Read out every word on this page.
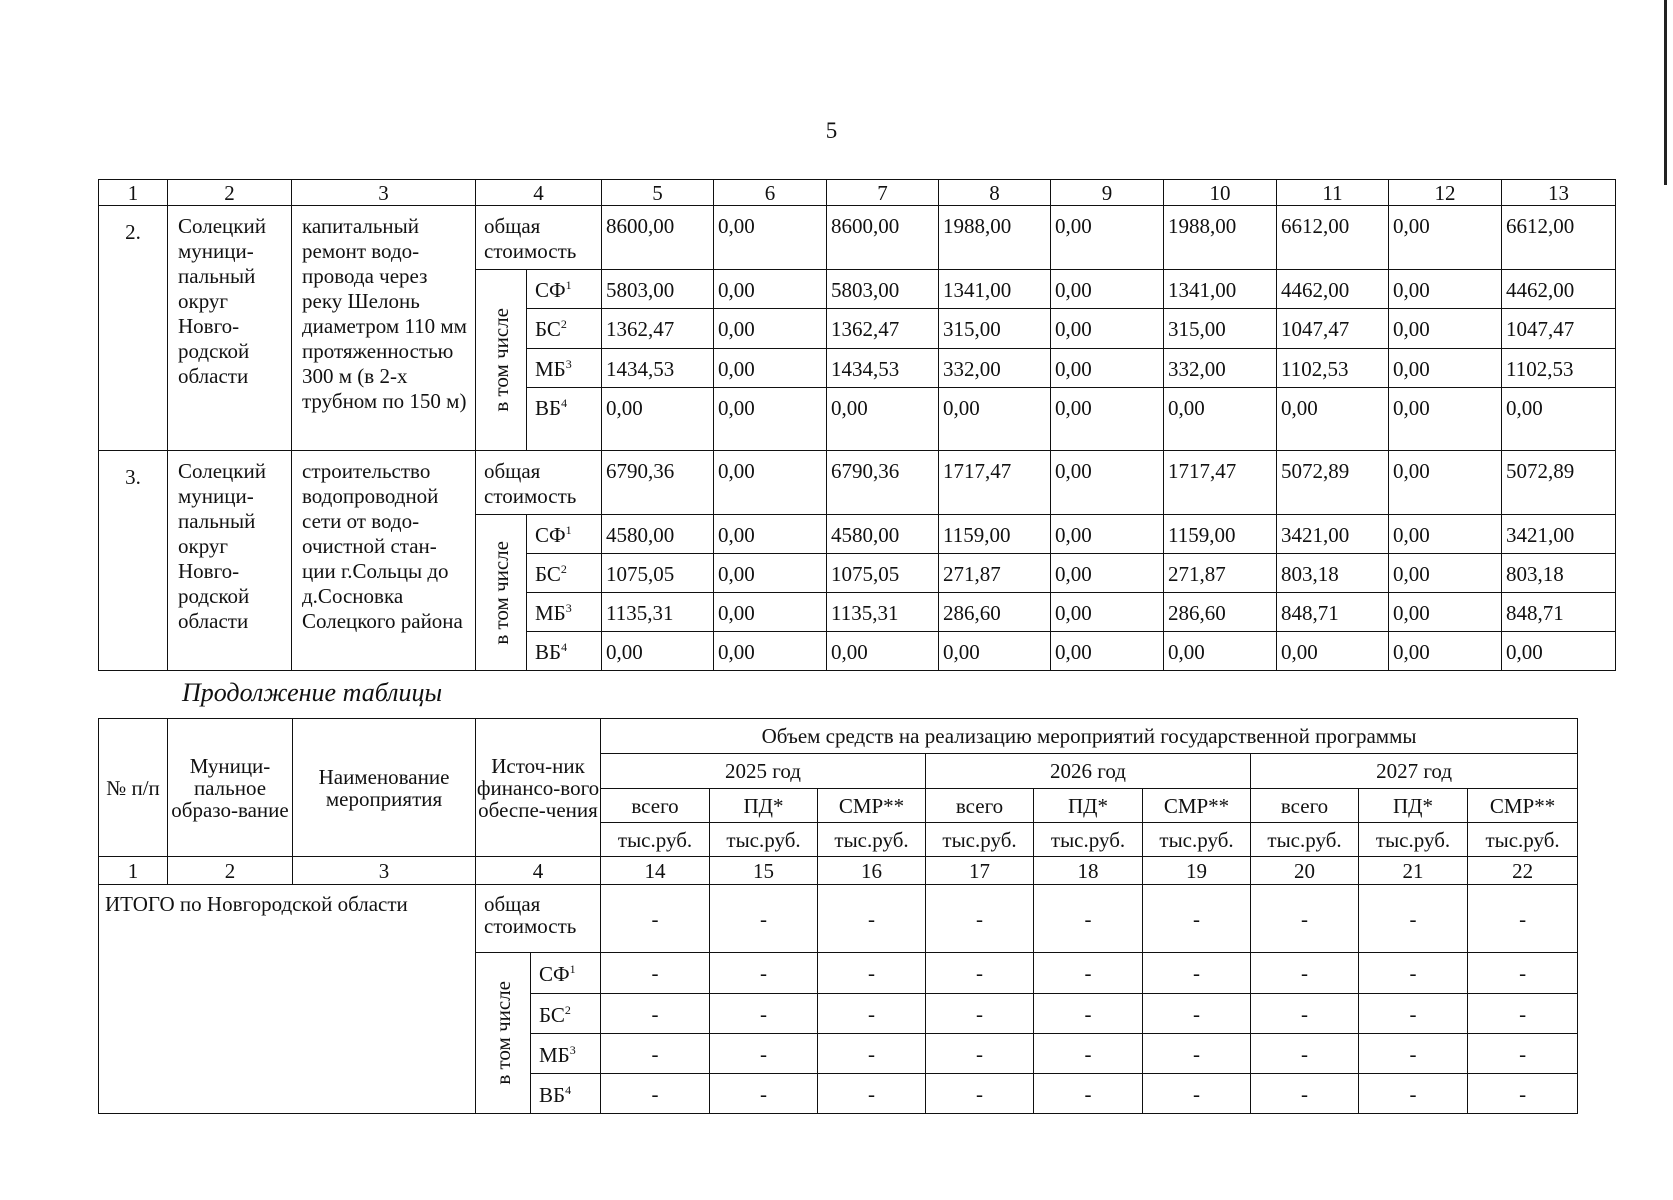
5
1	2	3	4		5	6	7	8	9	10	11	12	13
2.	Солецкий муници-пальный округ Новго-родской области	капитальный ремонт водо-провода через реку Шелонь диаметром 110 мм протяженностью 300 м (в 2-х трубном по 150 м)	общая стоимость		8600,00	0,00	8600,00	1988,00	0,00	1988,00	6612,00	0,00	6612,00

			в том числе	$СФ^1$	5803,00	0,00	5803,00	1341,00	0,00	1341,00	4462,00	0,00	4462,00
				$БС^2$	1362,47	0,00	1362,47	315,00	0,00	315,00	1047,47	0,00	1047,47
				$МБ^3$	1434,53	0,00	1434,53	332,00	0,00	332,00	1102,53	0,00	1102,53
				$ВБ^4$	0,00	0,00	0,00	0,00	0,00	0,00	0,00	0,00	0,00
3.	Солецкий муници-пальный округ Новго-родской области	строительство водопроводной сети от водо-очистной стан-ции г.Сольцы до д.Сосновка Солецкого района	общая стоимость		6790,36	0,00	6790,36	1717,47	0,00	1717,47	5072,89	0,00	5072,89

			в том числе	$СФ^1$	4580,00	0,00	4580,00	1159,00	0,00	1159,00	3421,00	0,00	3421,00
				$БС^2$	1075,05	0,00	1075,05	271,87	0,00	271,87	803,18	0,00	803,18
				$МБ^3$	1135,31	0,00	1135,31	286,60	0,00	286,60	848,71	0,00	848,71
				$ВБ^4$	0,00	0,00	0,00	0,00	0,00	0,00	0,00	0,00	0,00
Продолжение таблицы
№ п/п	Муници-пальное образо-вание	Наименование мероприятия	Источ-ник финансо-вого обеспе-чения		Объем средств на реализацию мероприятий государственной программы								
					2025 год			2026 год			2027 год		
					всего	ПД*	СМР**	всего	ПД*	СМР**	всего	ПД*	СМР**
					тыс.руб.	тыс.руб.	тыс.руб.	тыс.руб.	тыс.руб.	тыс.руб.	тыс.руб.	тыс.руб.	тыс.руб.
1	2	3	4		14	15	16	17	18	19	20	21	22
ИТОГО по Новгородской области			общая стоимость		-	-	-	-	-	-	-	-	-

			в том числе	$СФ^1$	-	-	-	-	-	-	-	-	-
				$БС^2$	-	-	-	-	-	-	-	-	-
				$МБ^3$	-	-	-	-	-	-	-	-	-
				$ВБ^4$	-	-	-	-	-	-	-	-	-
